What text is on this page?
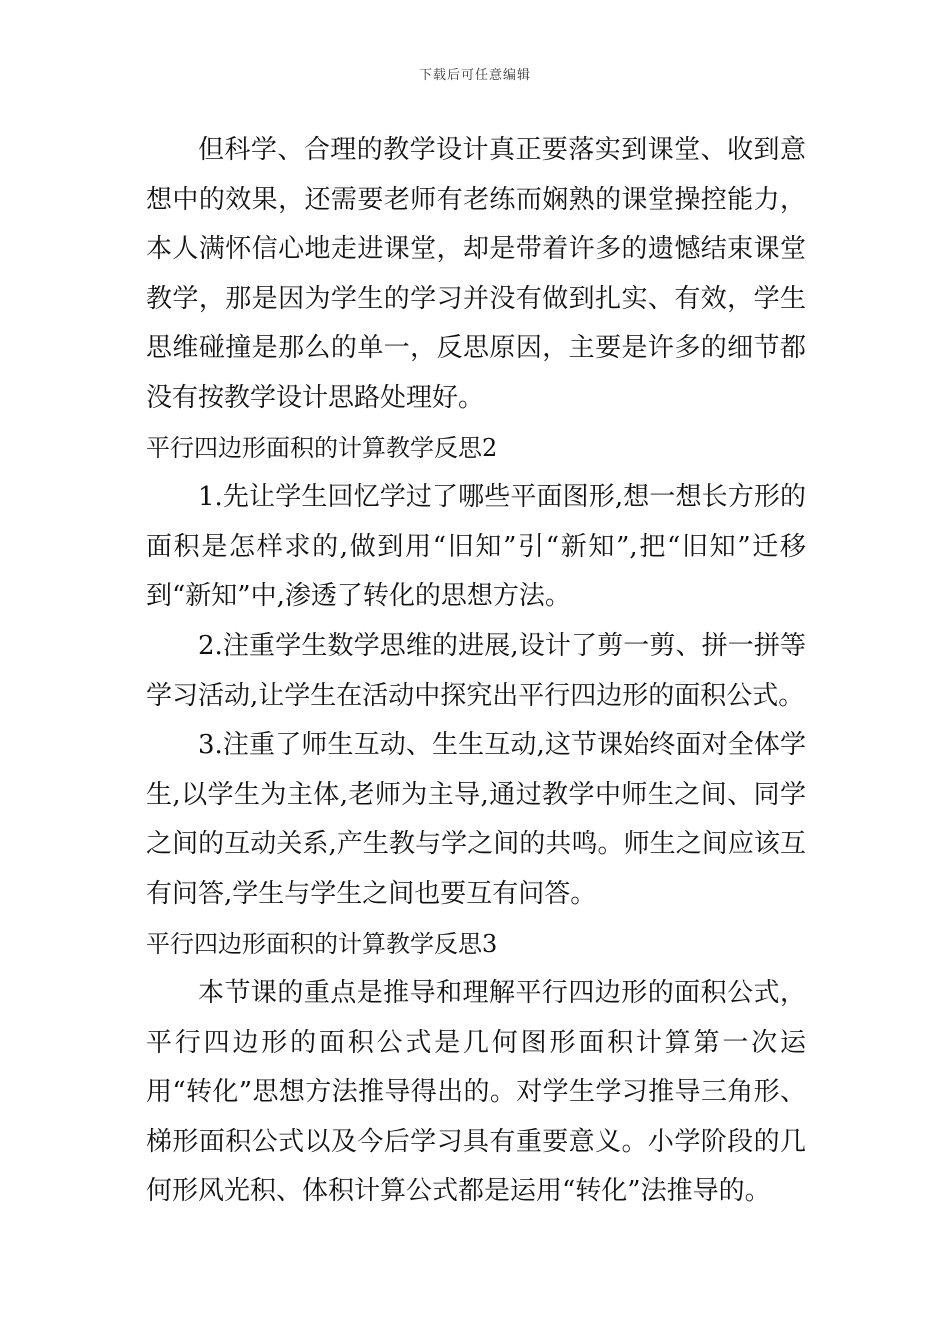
下载后可任意编辑

但科学、合理的教学设计真正要落实到课堂、收到意想中的效果，还需要老师有老练而娴熟的课堂操控能力，本人满怀信心地走进课堂，却是带着许多的遗憾结束课堂教学，那是因为学生的学习并没有做到扎实、有效，学生思维碰撞是那么的单一，反思原因，主要是许多的细节都没有按教学设计思路处理好。

平行四边形面积的计算教学反思2

1.先让学生回忆学过了哪些平面图形,想一想长方形的面积是怎样求的,做到用“旧知”引“新知”,把“旧知”迁移到“新知”中,渗透了转化的思想方法。

2.注重学生数学思维的进展,设计了剪一剪、拼一拼等学习活动,让学生在活动中探究出平行四边形的面积公式。

3.注重了师生互动、生生互动,这节课始终面对全体学生,以学生为主体,老师为主导,通过教学中师生之间、同学之间的互动关系,产生教与学之间的共鸣。师生之间应该互有问答,学生与学生之间也要互有问答。

平行四边形面积的计算教学反思3

本节课的重点是推导和理解平行四边形的面积公式，平行四边形的面积公式是几何图形面积计算第一次运用“转化”思想方法推导得出的。对学生学习推导三角形、梯形面积公式以及今后学习具有重要意义。小学阶段的几何形风光积、体积计算公式都是运用“转化”法推导的。
